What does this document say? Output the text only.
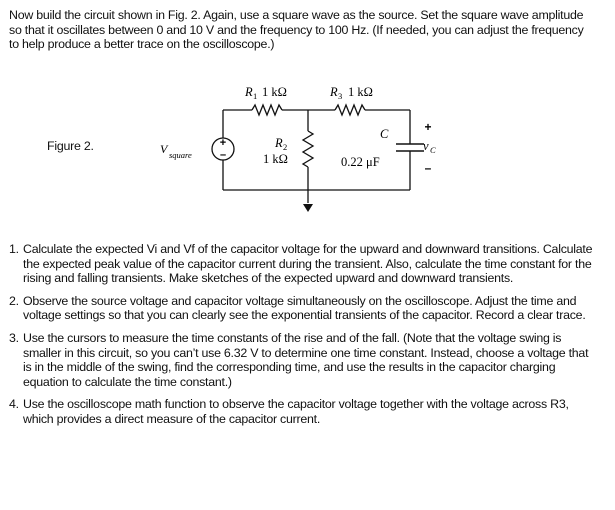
Now build the circuit shown in Fig. 2. Again, use a square wave as the source. Set the square wave amplitude so that it oscillates between 0 and 10 V and the frequency to 100 Hz. (If needed, you can adjust the frequency to help produce a better trace on the oscilloscope.)

Figure 2.	+
–
V square
R 1 1 kΩ	R 3 1 kΩ
R 2
1 kΩ
C
0.22 μF
+
v C
–
1. Calculate the expected Vi and Vf of the capacitor voltage for the upward and downward transitions. Calculate the expected peak value of the capacitor current during the transient. Also, calculate the time constant for the rising and falling transients. Make sketches of the expected upward and downward transients.
2. Observe the source voltage and capacitor voltage simultaneously on the oscilloscope. Adjust the time and voltage settings so that you can clearly see the exponential transients of the capacitor. Record a clear trace.
3. Use the cursors to measure the time constants of the rise and of the fall. (Note that the voltage swing is smaller in this circuit, so you can’t use 6.32 V to determine one time constant. Instead, choose a voltage that is in the middle of the swing, find the corresponding time, and use the results in the capacitor charging equation to calculate the time constant.)
4. Use the oscilloscope math function to observe the capacitor voltage together with the voltage across R3, which provides a direct measure of the capacitor current.
